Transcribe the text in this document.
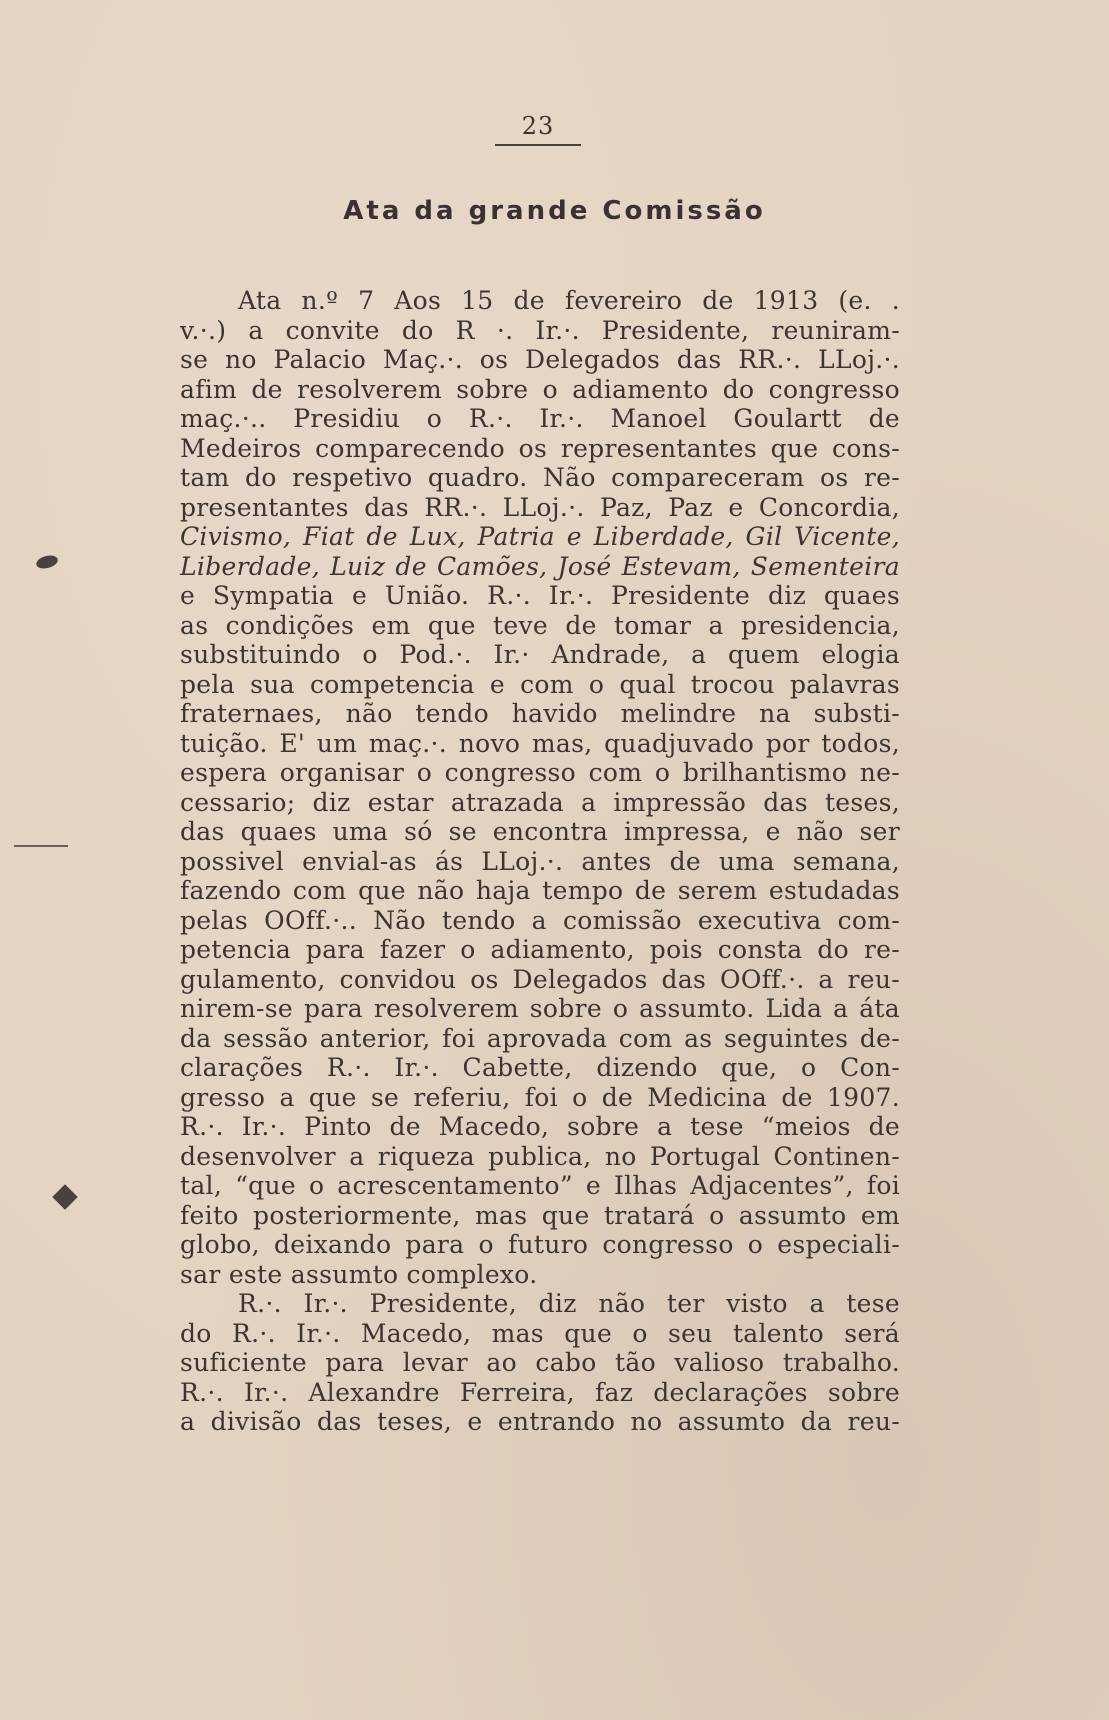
23
Ata da grande Comissão
Ata n.º 7 Aos 15 de fevereiro de 1913 (e. .
v.·.) a convite do R ·. Ir.·. Presidente, reuniram-
se no Palacio Maç.·. os Delegados das RR.·. LLoj.·.
afim de resolverem sobre o adiamento do congresso
maç.·.. Presidiu o R.·. Ir.·. Manoel Goulartt de
Medeiros comparecendo os representantes que cons-
tam do respetivo quadro. Não compareceram os re-
presentantes das RR.·. LLoj.·. Paz, Paz e Concordia,
Civismo, Fiat de Lux, Patria e Liberdade, Gil Vicente,
Liberdade, Luiz de Camões, José Estevam, Sementeira
e Sympatia e União. R.·. Ir.·. Presidente diz quaes
as condições em que teve de tomar a presidencia,
substituindo o Pod.·. Ir.· Andrade, a quem elogia
pela sua competencia e com o qual trocou palavras
fraternaes, não tendo havido melindre na substi-
tuição. E' um maç.·. novo mas, quadjuvado por todos,
espera organisar o congresso com o brilhantismo ne-
cessario; diz estar atrazada a impressão das teses,
das quaes uma só se encontra impressa, e não ser
possivel envial-as ás LLoj.·. antes de uma semana,
fazendo com que não haja tempo de serem estudadas
pelas OOff.·.. Não tendo a comissão executiva com-
petencia para fazer o adiamento, pois consta do re-
gulamento, convidou os Delegados das OOff.·. a reu-
nirem-se para resolverem sobre o assumto. Lida a áta
da sessão anterior, foi aprovada com as seguintes de-
clarações R.·. Ir.·. Cabette, dizendo que, o Con-
gresso a que se referiu, foi o de Medicina de 1907.
R.·. Ir.·. Pinto de Macedo, sobre a tese “meios de
desenvolver a riqueza publica, no Portugal Continen-
tal, “que o acrescentamento” e Ilhas Adjacentes”, foi
feito posteriormente, mas que tratará o assumto em
globo, deixando para o futuro congresso o especiali-
sar este assumto complexo.
R.·. Ir.·. Presidente, diz não ter visto a tese
do R.·. Ir.·. Macedo, mas que o seu talento será
suficiente para levar ao cabo tão valioso trabalho.
R.·. Ir.·. Alexandre Ferreira, faz declarações sobre
a divisão das teses, e entrando no assumto da reu-
